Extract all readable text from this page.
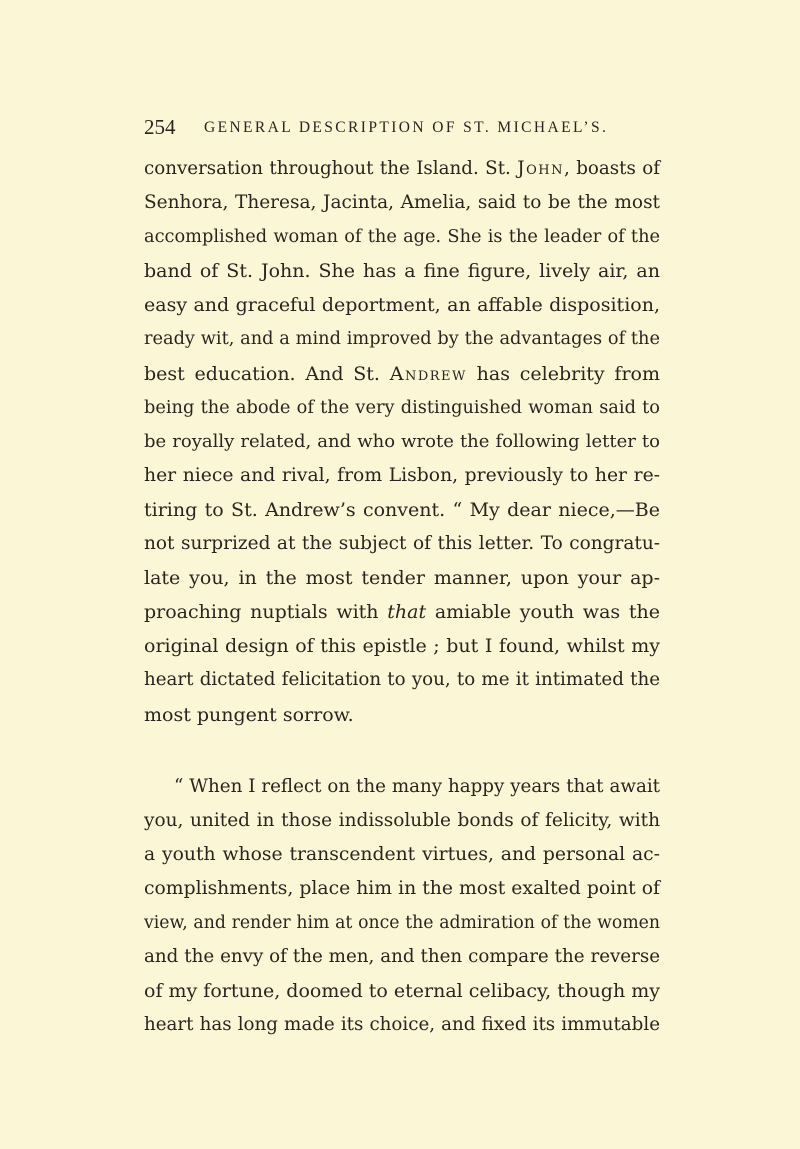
254 GENERAL DESCRIPTION OF ST. MICHAEL’S.
conversation throughout the Island. St. John, boasts of
Senhora, Theresa, Jacinta, Amelia, said to be the most
accomplished woman of the age. She is the leader of the
band of St. John. She has a fine figure, lively air, an
easy and graceful deportment, an affable disposition,
ready wit, and a mind improved by the advantages of the
best education. And St. Andrew has celebrity from
being the abode of the very distinguished woman said to
be royally related, and who wrote the following letter to
her niece and rival, from Lisbon, previously to her re-
tiring to St. Andrew’s convent. “ My dear niece,—Be
not surprized at the subject of this letter. To congratu-
late you, in the most tender manner, upon your ap-
proaching nuptials with that amiable youth was the
original design of this epistle ; but I found, whilst my
heart dictated felicitation to you, to me it intimated the
most pungent sorrow.
“ When I reflect on the many happy years that await
you, united in those indissoluble bonds of felicity, with
a youth whose transcendent virtues, and personal ac-
complishments, place him in the most exalted point of
view, and render him at once the admiration of the women
and the envy of the men, and then compare the reverse
of my fortune, doomed to eternal celibacy, though my
heart has long made its choice, and fixed its immutable
